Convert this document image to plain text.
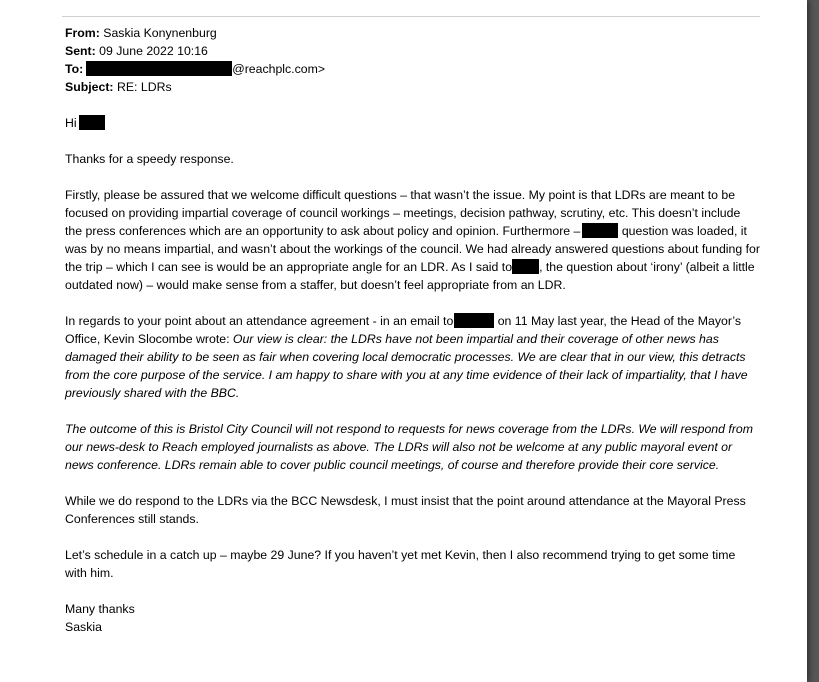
From: Saskia Konynenburg
Sent: 09 June 2022 10:16
To:	@reachplc.com>
Subject: RE: LDRs

Hi

Thanks for a speedy response.

Firstly, please be assured that we welcome difficult questions – that wasn’t the issue. My point is that LDRs are meant to be focused on providing impartial coverage of council workings – meetings, decision pathway, scrutiny, etc. This doesn’t include the press conferences which are an opportunity to ask about policy and opinion. Furthermore –	question was loaded, it was by no means impartial, and wasn’t about the workings of the council. We had already answered questions about funding for the trip – which I can see is would be an appropriate angle for an LDR. As I said to , the question about ‘irony’ (albeit a little outdated now) – would make sense from a staffer, but doesn’t feel appropriate from an LDR.

In regards to your point about an attendance agreement - in an email to	on 11 May last year, the Head of the Mayor’s Office, Kevin Slocombe wrote: Our view is clear: the LDRs have not been impartial and their coverage of other news has damaged their ability to be seen as fair when covering local democratic processes. We are clear that in our view, this detracts from the core purpose of the service. I am happy to share with you at any time evidence of their lack of impartiality, that I have previously shared with the BBC.

The outcome of this is Bristol City Council will not respond to requests for news coverage from the LDRs. We will respond from our news-desk to Reach employed journalists as above. The LDRs will also not be welcome at any public mayoral event or news conference. LDRs remain able to cover public council meetings, of course and therefore provide their core service.

While we do respond to the LDRs via the BCC Newsdesk, I must insist that the point around attendance at the Mayoral Press Conferences still stands.

Let’s schedule in a catch up – maybe 29 June? If you haven’t yet met Kevin, then I also recommend trying to get some time with him.

Many thanks
Saskia
